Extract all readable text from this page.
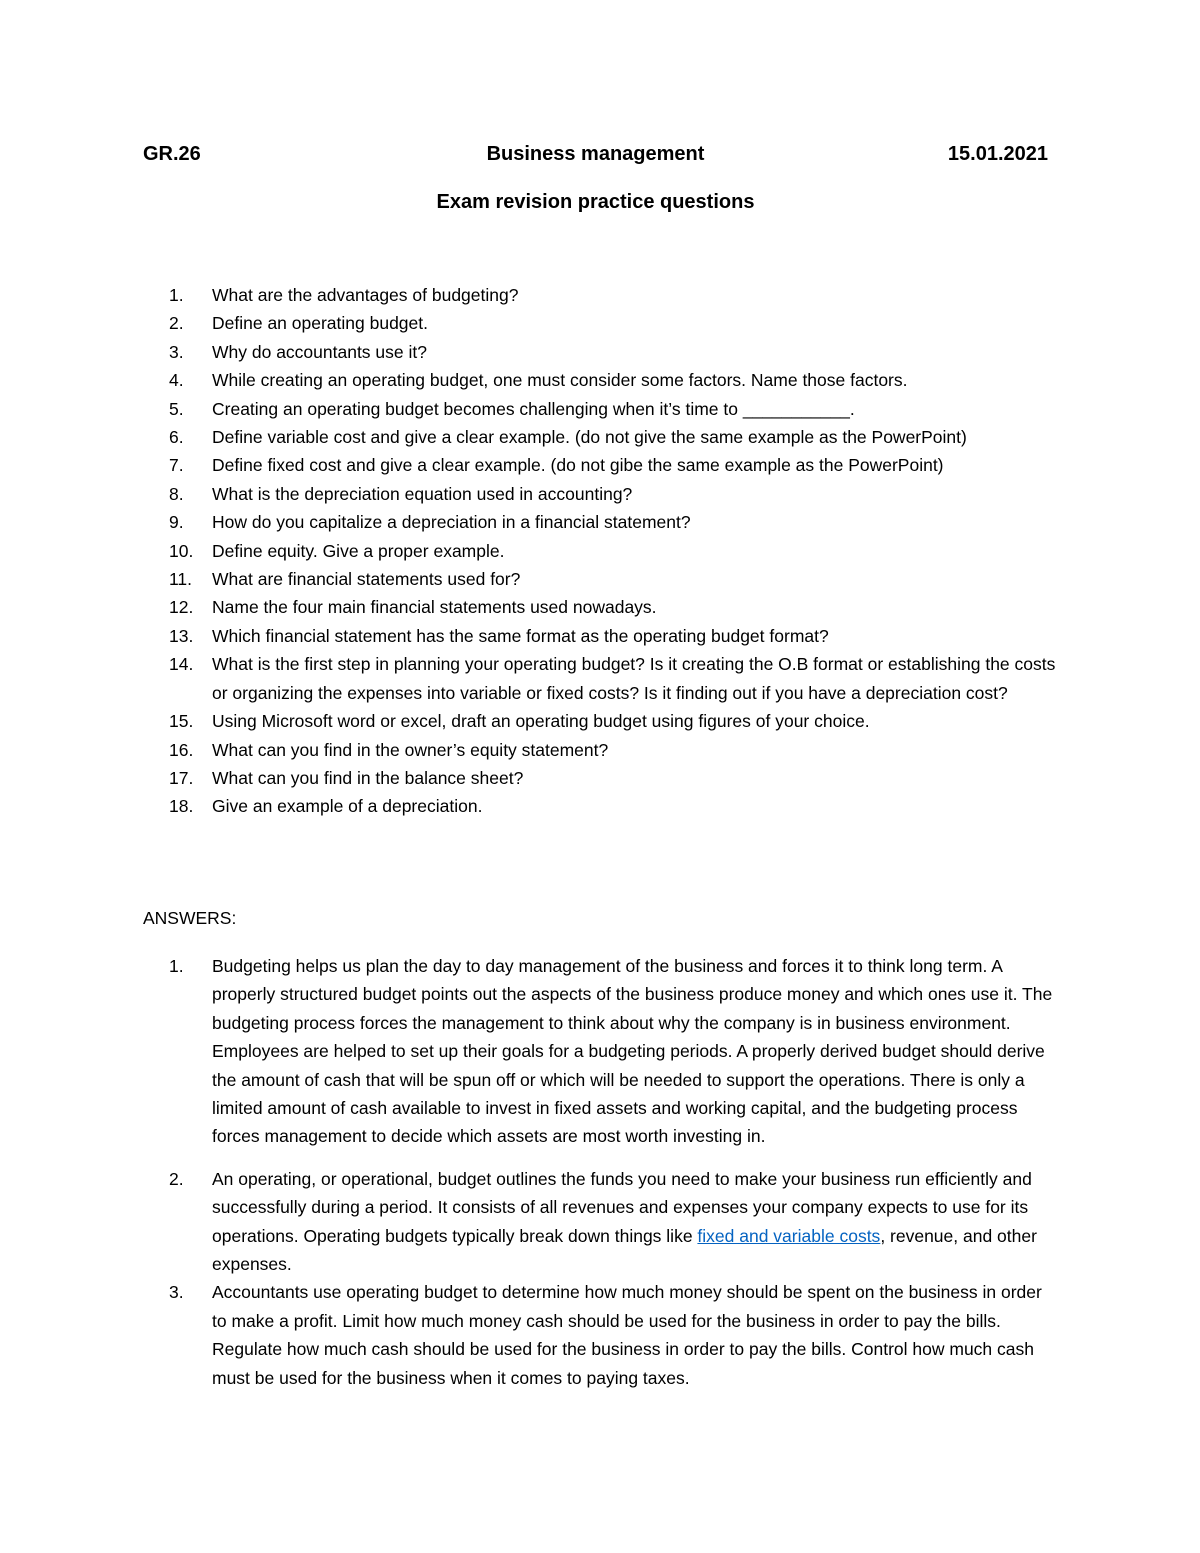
GR.26	Business management	15.01.2021
Exam revision practice questions
1. What are the advantages of budgeting?
2. Define an operating budget.
3. Why do accountants use it?
4. While creating an operating budget, one must consider some factors. Name those factors.
5. Creating an operating budget becomes challenging when it’s time to ___________.
6. Define variable cost and give a clear example. (do not give the same example as the PowerPoint)
7. Define fixed cost and give a clear example. (do not gibe the same example as the PowerPoint)
8. What is the depreciation equation used in accounting?
9. How do you capitalize a depreciation in a financial statement?
10. Define equity. Give a proper example.
11. What are financial statements used for?
12. Name the four main financial statements used nowadays.
13. Which financial statement has the same format as the operating budget format?
14. What is the first step in planning your operating budget? Is it creating the O.B format or establishing the costs or organizing the expenses into variable or fixed costs? Is it finding out if you have a depreciation cost?
15. Using Microsoft word or excel, draft an operating budget using figures of your choice.
16. What can you find in the owner’s equity statement?
17. What can you find in the balance sheet?
18. Give an example of a depreciation.
ANSWERS:
1. Budgeting helps us plan the day to day management of the business and forces it to think long term. A properly structured budget points out the aspects of the business produce money and which ones use it. The budgeting process forces the management to think about why the company is in business environment. Employees are helped to set up their goals for a budgeting periods. A properly derived budget should derive the amount of cash that will be spun off or which will be needed to support the operations. There is only a limited amount of cash available to invest in fixed assets and working capital, and the budgeting process forces management to decide which assets are most worth investing in.
2. An operating, or operational, budget outlines the funds you need to make your business run efficiently and successfully during a period. It consists of all revenues and expenses your company expects to use for its operations. Operating budgets typically break down things like fixed and variable costs, revenue, and other expenses.
3. Accountants use operating budget to determine how much money should be spent on the business in order to make a profit. Limit how much money cash should be used for the business in order to pay the bills. Regulate how much cash should be used for the business in order to pay the bills. Control how much cash must be used for the business when it comes to paying taxes.
